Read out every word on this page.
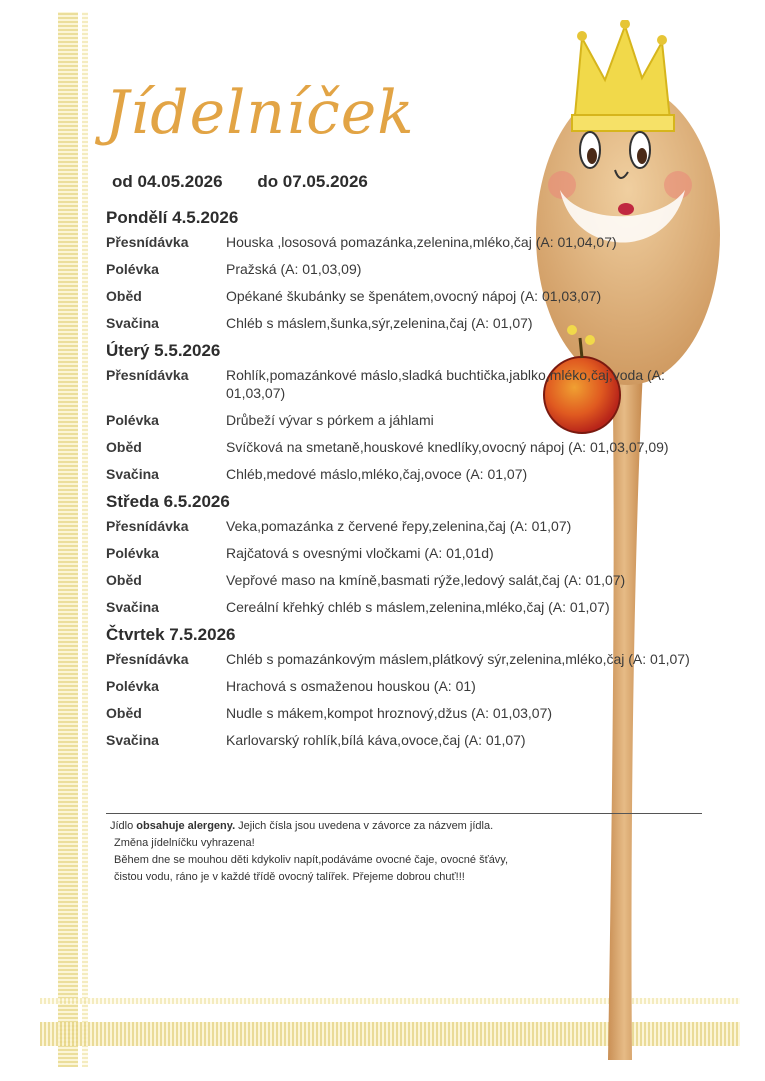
Jídelníček
od 04.05.2026 do 07.05.2026
Pondělí 4.5.2026
Přesnídávka	Houska ,lososová pomazánka,zelenina,mléko,čaj (A: 01,04,07)
Polévka	Pražská (A: 01,03,09)
Oběd	Opékané škubánky se špenátem,ovocný nápoj (A: 01,03,07)
Svačina	Chléb s máslem,šunka,sýr,zelenina,čaj (A: 01,07)
Úterý 5.5.2026
Přesnídávka	Rohlík,pomazánkové máslo,sladká buchtička,jablko,mléko,čaj,voda (A: 01,03,07)
Polévka	Drůbeží vývar s pórkem a jáhlami
Oběd	Svíčková na smetaně,houskové knedlíky,ovocný nápoj (A: 01,03,07,09)
Svačina	Chléb,medové máslo,mléko,čaj,ovoce (A: 01,07)
Středa 6.5.2026
Přesnídávka	Veka,pomazánka z červené řepy,zelenina,čaj (A: 01,07)
Polévka	Rajčatová s ovesnými vločkami (A: 01,01d)
Oběd	Vepřové maso na kmíně,basmati rýže,ledový salát,čaj (A: 01,07)
Svačina	Cereální křehký chléb s máslem,zelenina,mléko,čaj (A: 01,07)
Čtvrtek 7.5.2026
Přesnídávka	Chléb s pomazánkovým máslem,plátkový sýr,zelenina,mléko,čaj (A: 01,07)
Polévka	Hrachová s osmaženou houskou (A: 01)
Oběd	Nudle s mákem,kompot hroznový,džus (A: 01,03,07)
Svačina	Karlovarský rohlík,bílá káva,ovoce,čaj (A: 01,07)
Jídlo obsahuje alergeny. Jejich čísla jsou uvedena v závorce za názvem jídla.
Změna jídelníčku vyhrazena!
Během dne se mouhou děti kdykoliv napít,podáváme ovocné čaje, ovocné šťávy,
čistou vodu, ráno je v každé třídě ovocný talířek. Přejeme dobrou chuť!!!
